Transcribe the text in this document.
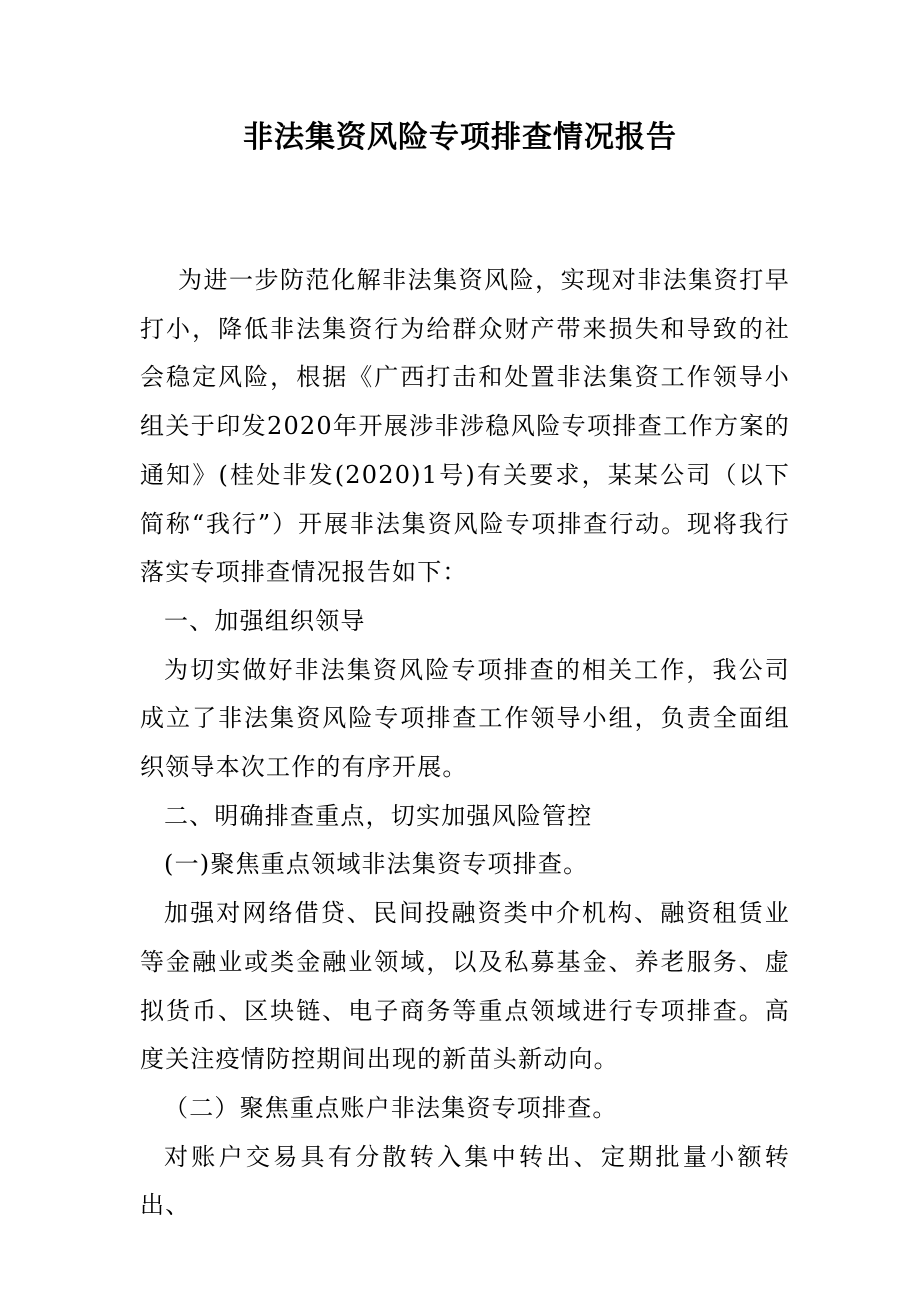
非法集资风险专项排查情况报告

为进一步防范化解非法集资风险，实现对非法集资打早打小，降低非法集资行为给群众财产带来损失和导致的社会稳定风险，根据《广西打击和处置非法集资工作领导小组关于印发2020年开展涉非涉稳风险专项排查工作方案的通知》(桂处非发(2020)1号)有关要求，某某公司（以下简称“我行”）开展非法集资风险专项排查行动。现将我行落实专项排查情况报告如下：

一、加强组织领导

为切实做好非法集资风险专项排查的相关工作，我公司成立了非法集资风险专项排查工作领导小组，负责全面组织领导本次工作的有序开展。

二、明确排查重点，切实加强风险管控

(一)聚焦重点领域非法集资专项排查。

加强对网络借贷、民间投融资类中介机构、融资租赁业等金融业或类金融业领域，以及私募基金、养老服务、虚拟货币、区块链、电子商务等重点领域进行专项排查。高度关注疫情防控期间出现的新苗头新动向。

（二）聚焦重点账户非法集资专项排查。

对账户交易具有分散转入集中转出、定期批量小额转出、
